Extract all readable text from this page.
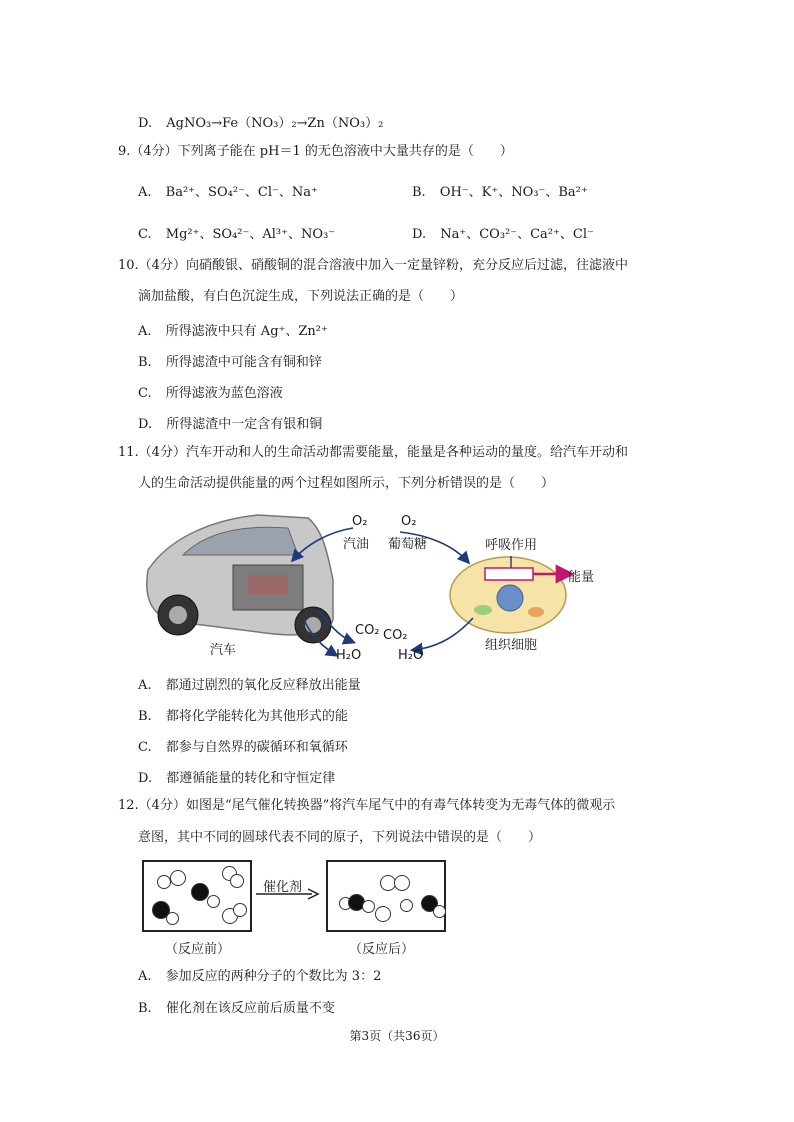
D. AgNO₃→Fe（NO₃）₂→Zn（NO₃）₂
9.（4分）下列离子能在 pH＝1 的无色溶液中大量共存的是（　　）
A. Ba²⁺、SO₄²⁻、Cl⁻、Na⁺	B. OH⁻、K⁺、NO₃⁻、Ba²⁺
C. Mg²⁺、SO₄²⁻、Al³⁺、NO₃⁻	D. Na⁺、CO₃²⁻、Ca²⁺、Cl⁻
10.（4分）向硝酸银、硝酸铜的混合溶液中加入一定量锌粉，充分反应后过滤，往滤液中
滴加盐酸，有白色沉淀生成，下列说法正确的是（　　）
A. 所得滤液中只有 Ag⁺、Zn²⁺
B. 所得滤渣中可能含有铜和锌
C. 所得滤液为蓝色溶液
D. 所得滤渣中一定含有银和铜
11.（4分）汽车开动和人的生命活动都需要能量，能量是各种运动的量度。给汽车开动和
人的生命活动提供能量的两个过程如图所示，下列分析错误的是（　　）
O₂
汽油
O₂
葡萄糖	呼吸作用
能量
CO₂ CO₂
H₂O	H₂O
组织细胞
汽车
A. 都通过剧烈的氧化反应释放出能量
B. 都将化学能转化为其他形式的能
C. 都参与自然界的碳循环和氧循环
D. 都遵循能量的转化和守恒定律
12.（4分）如图是“尾气催化转换器”将汽车尾气中的有毒气体转变为无毒气体的微观示
意图，其中不同的圆球代表不同的原子，下列说法中错误的是（　　）
催化剂
（反应前）	（反应后）
A. 参加反应的两种分子的个数比为 3：2
B. 催化剂在该反应前后质量不变
第3页（共36页）
